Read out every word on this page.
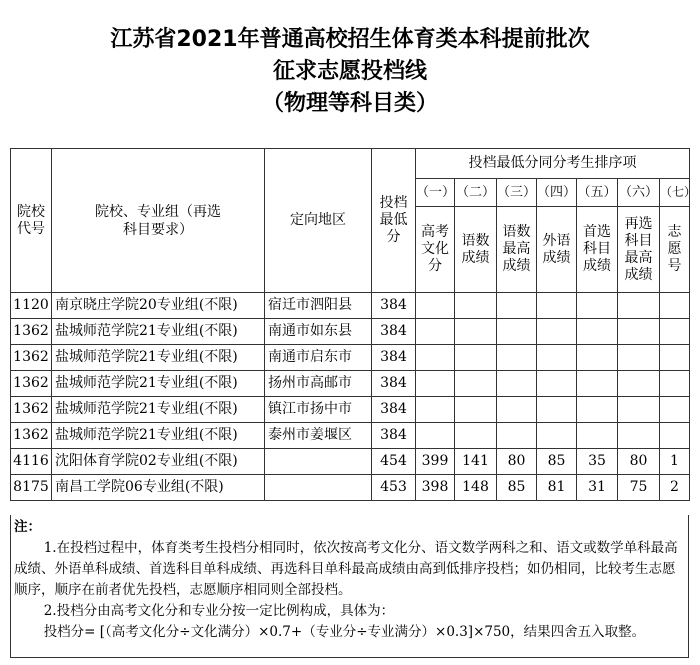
江苏省2021年普通高校招生体育类本科提前批次
征求志愿投档线
（物理等科目类）
院校代号	院校、专业组（再选科目要求）	定向地区	投档最低分	投档最低分同分考生排序项						
				（一）	（二）	（三）	（四）	（五）	（六）	（七）
				高考文化分	语数成绩	语数最高成绩	外语成绩	首选科目成绩	再选科目最高成绩	志愿号
1120	南京晓庄学院20专业组(不限)	宿迁市泗阳县	384							
1362	盐城师范学院21专业组(不限)	南通市如东县	384							
1362	盐城师范学院21专业组(不限)	南通市启东市	384							
1362	盐城师范学院21专业组(不限)	扬州市高邮市	384							
1362	盐城师范学院21专业组(不限)	镇江市扬中市	384							
1362	盐城师范学院21专业组(不限)	泰州市姜堰区	384							
4116	沈阳体育学院02专业组(不限)		454	399	141	80	85	35	80	1
8175	南昌工学院06专业组(不限)		453	398	148	85	81	31	75	2

注：

1.在投档过程中，体育类考生投档分相同时，依次按高考文化分、语文数学两科之和、语文或数学单科最高成绩、外语单科成绩、首选科目单科成绩、再选科目单科最高成绩由高到低排序投档；如仍相同，比较考生志愿顺序，顺序在前者优先投档，志愿顺序相同则全部投档。

2.投档分由高考文化分和专业分按一定比例构成，具体为：

投档分= [（高考文化分÷文化满分）×0.7+（专业分÷专业满分）×0.3]×750，结果四舍五入取整。
